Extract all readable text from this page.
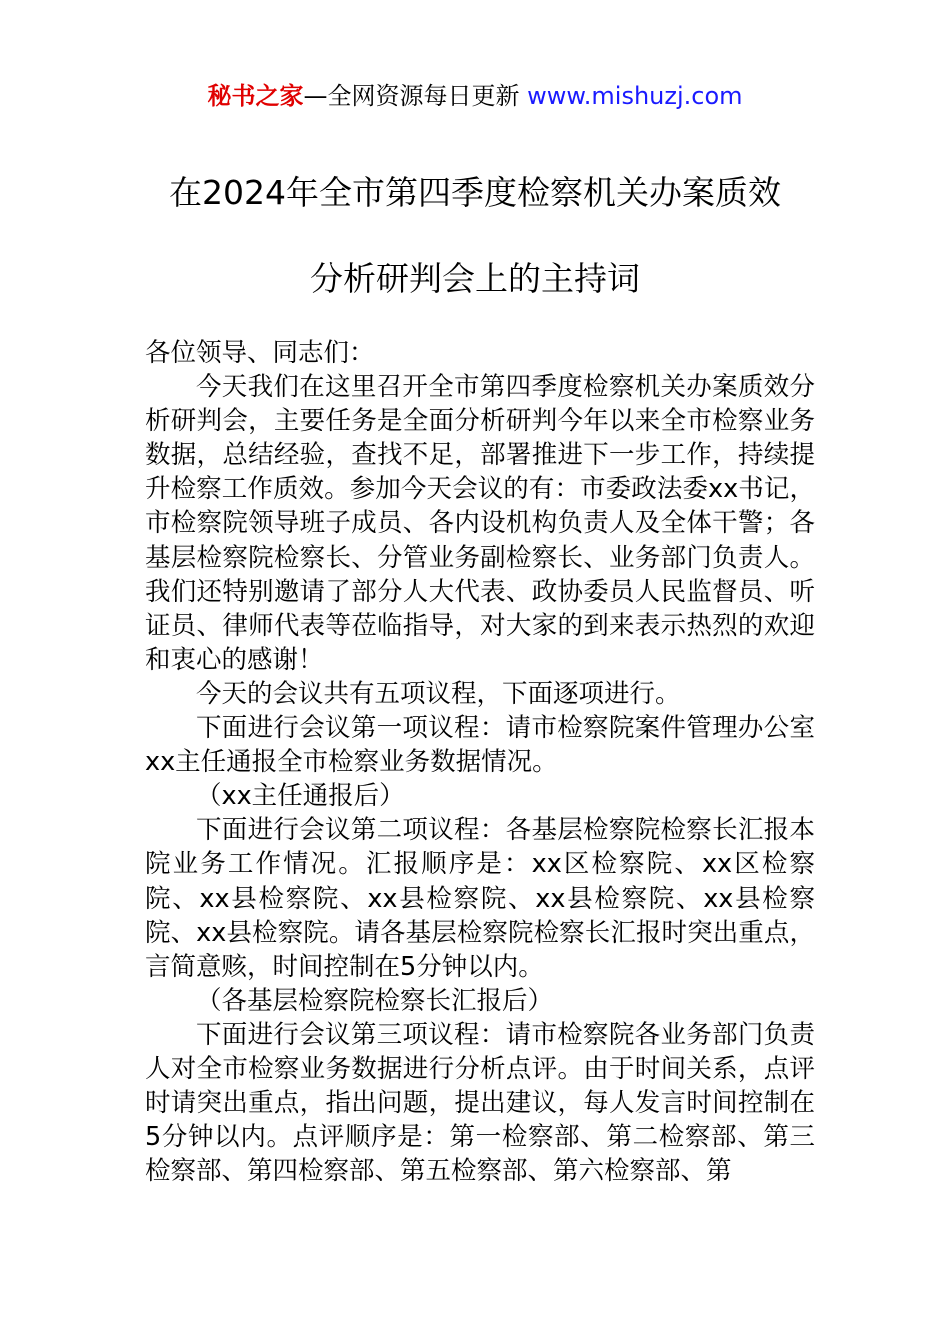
秘书之家—全网资源每日更新 www.mishuzj.com
在2024年全市第四季度检察机关办案质效
分析研判会上的主持词

各位领导、同志们：

今天我们在这里召开全市第四季度检察机关办案质效分析研判会，主要任务是全面分析研判今年以来全市检察业务数据，总结经验，查找不足，部署推进下一步工作，持续提升检察工作质效。参加今天会议的有：市委政法委xx书记，市检察院领导班子成员、各内设机构负责人及全体干警；各基层检察院检察长、分管业务副检察长、业务部门负责人。我们还特别邀请了部分人大代表、政协委员人民监督员、听证员、律师代表等莅临指导，对大家的到来表示热烈的欢迎和衷心的感谢！

今天的会议共有五项议程，下面逐项进行。

下面进行会议第一项议程：请市检察院案件管理办公室xx主任通报全市检察业务数据情况。

（xx主任通报后）

下面进行会议第二项议程：各基层检察院检察长汇报本院业务工作情况。汇报顺序是：xx区检察院、xx区检察院、xx县检察院、xx县检察院、xx县检察院、xx县检察院、xx县检察院。请各基层检察院检察长汇报时突出重点，言简意赅，时间控制在5分钟以内。

（各基层检察院检察长汇报后）

下面进行会议第三项议程：请市检察院各业务部门负责人对全市检察业务数据进行分析点评。由于时间关系，点评时请突出重点，指出问题，提出建议，每人发言时间控制在5分钟以内。点评顺序是：第一检察部、第二检察部、第三检察部、第四检察部、第五检察部、第六检察部、第
